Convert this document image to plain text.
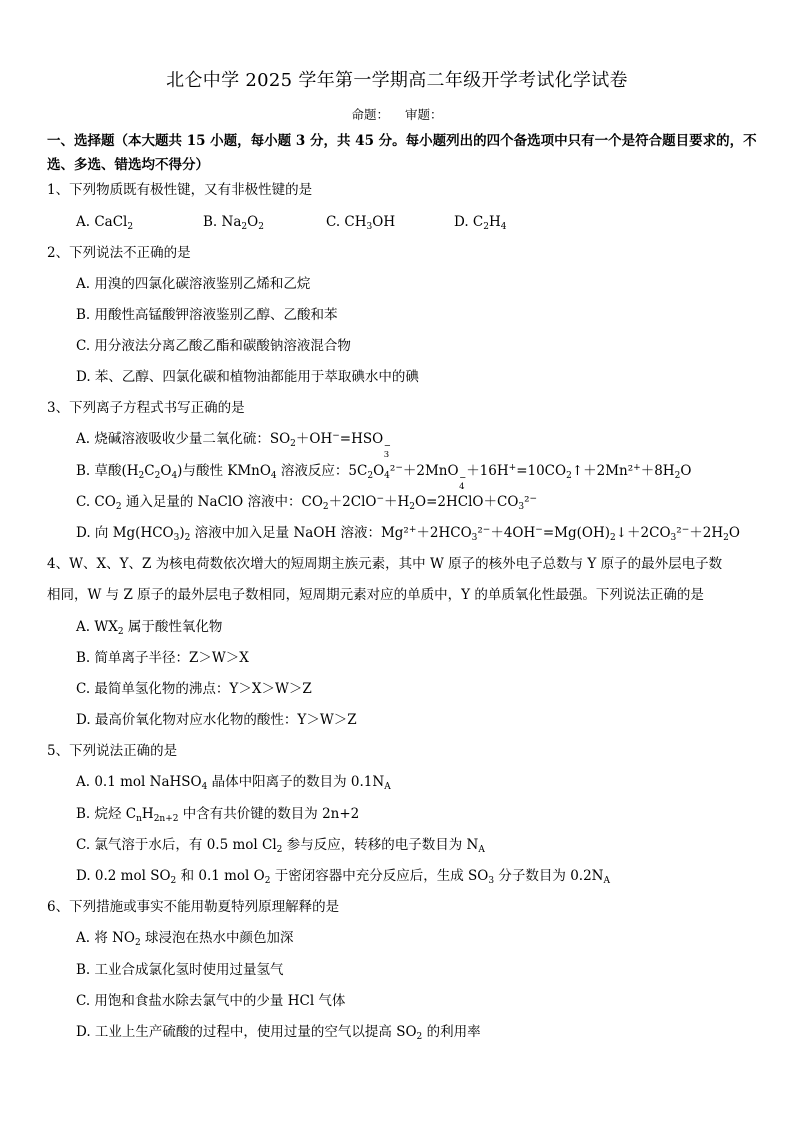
北仑中学 2025 学年第一学期高二年级开学考试化学试卷
命题： 审题：
一、选择题（本大题共 15 小题，每小题 3 分，共 45 分。每小题列出的四个备选项中只有一个是符合题目要求的，不选、多选、错选均不得分）
1、下列物质既有极性键，又有非极性键的是
A. CaCl$_2$	B. $Na_2O_2$	C. $CH_3OH$	D. $C_2H_4$
2、下列说法不正确的是
A. 用溴的四氯化碳溶液鉴别乙烯和乙烷
B. 用酸性高锰酸钾溶液鉴别乙醇、乙酸和苯
C. 用分液法分离乙酸乙酯和碳酸钠溶液混合物
D. 苯、乙醇、四氯化碳和植物油都能用于萃取碘水中的碘
3、下列离子方程式书写正确的是
A. 烧碱溶液吸收少量二氧化硫：$SO_2+OH^-=HSO$ −
3
B. 草酸$(H_2C_2O_4)$与酸性 KMnO$_4$ 溶液反应：$5C_2O_4^2^-+2MnO$ −
4
$+16H^+=10CO_2↑+2Mn^2^++8H_2O$
C. $CO_2$ 通入足量的 NaClO 溶液中：$CO_2+2ClO^-+H_2O=2HClO+CO_3^2^-$
D. 向 $Mg(HCO_3)_2$ 溶液中加入足量 NaOH 溶液：$Mg^2^++2HCO_3^2^-+4OH^-=Mg(OH)_2↓+2CO_3^2^-+2H_2O$
4、W、X、Y、Z 为核电荷数依次增大的短周期主族元素，其中 W 原子的核外电子总数与 Y 原子的最外层电子数
相同，W 与 Z 原子的最外层电子数相同，短周期元素对应的单质中，Y 的单质氧化性最强。下列说法正确的是
A. $WX_2$ 属于酸性氧化物
B. 简单离子半径：Z＞W＞X
C. 最简单氢化物的沸点：Y＞X＞W＞Z
D. 最高价氧化物对应水化物的酸性：Y＞W＞Z
5、下列说法正确的是
A. 0.1 mol NaHSO$_4$ 晶体中阳离子的数目为 $0.1N_A$
B. 烷烃 $C_nH_{2n+2}$ 中含有共价键的数目为 2n+2
C. 氯气溶于水后，有 0.5 mol $Cl_2$ 参与反应，转移的电子数目为 $N_A$
D. 0.2 mol $SO_2$ 和 0.1 mol $O_2$ 于密闭容器中充分反应后，生成 $SO_3$ 分子数目为 $0.2N_A$
6、下列措施或事实不能用勒夏特列原理解释的是
A. 将 $NO_2$ 球浸泡在热水中颜色加深
B. 工业合成氯化氢时使用过量氢气
C. 用饱和食盐水除去氯气中的少量 HCl 气体
D. 工业上生产硫酸的过程中，使用过量的空气以提高 $SO_2$ 的利用率
